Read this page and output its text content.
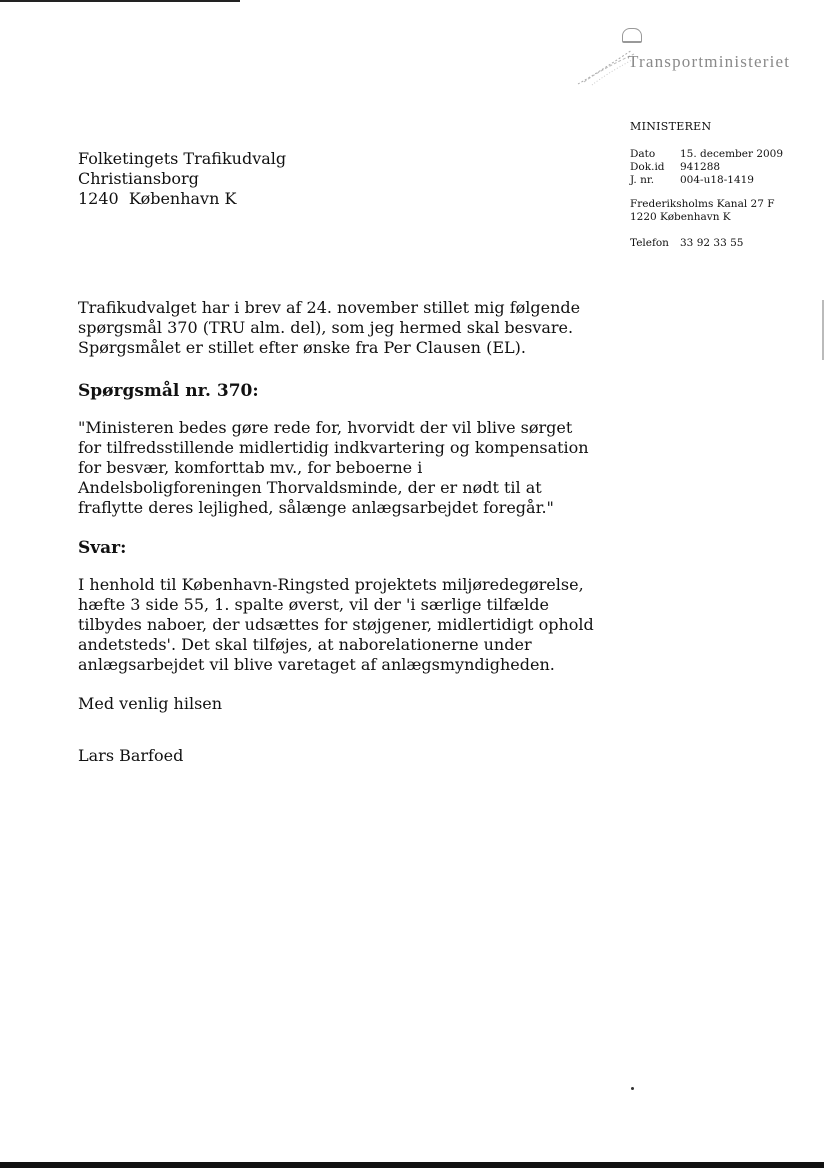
Transportministeriet
MINISTEREN
Dato	15. december 2009
Dok.id	941288
J. nr.	004-u18-1419
Frederiksholms Kanal 27 F
1220 København K
Telefon	33 92 33 55
Folketingets Trafikudvalg
Christiansborg
1240  København K

Trafikudvalget har i brev af 24. november stillet mig følgende spørgsmål 370 (TRU alm. del), som jeg hermed skal besvare. Spørgsmålet er stillet efter ønske fra Per Clausen (EL).

Spørgsmål nr. 370:

"Ministeren bedes gøre rede for, hvorvidt der vil blive sørget for tilfredsstillende midlertidig indkvartering og kompensation for besvær, komforttab mv., for beboerne i Andelsboligforeningen Thorvaldsminde, der er nødt til at fraflytte deres lejlighed, sålænge anlægsarbejdet foregår."

Svar:

I henhold til København-Ringsted projektets miljøredegørelse, hæfte 3 side 55, 1. spalte øverst, vil der 'i særlige tilfælde tilbydes naboer, der udsættes for støjgener, midlertidigt ophold andetsteds'. Det skal tilføjes, at naborelationerne under anlægsarbejdet vil blive varetaget af anlægsmyndigheden.

Med venlig hilsen

Lars Barfoed
